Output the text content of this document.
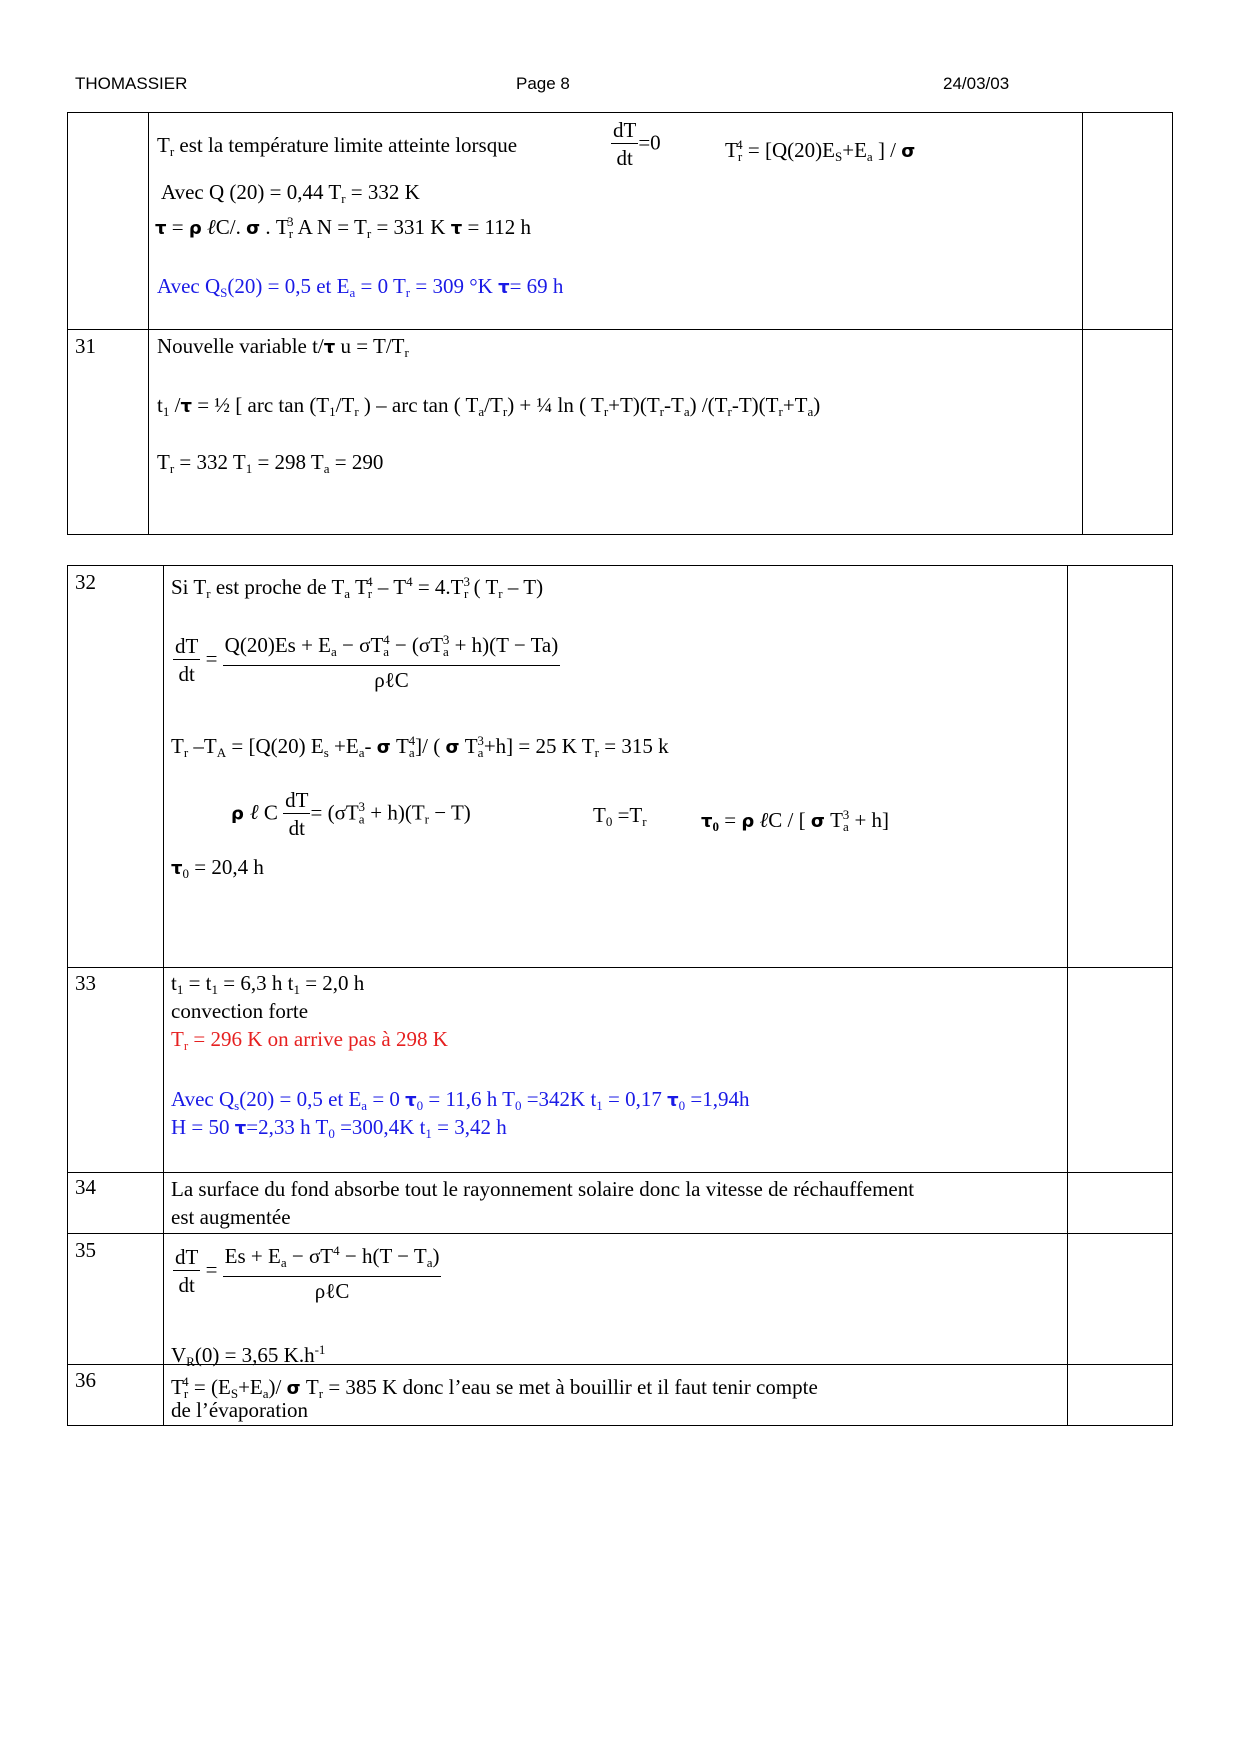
THOMASSIER	Page 8	24/03/03
$T_r$ est la température limite atteinte lorsque	$\frac{dT}{dt} =0$	$T_r^4 = [Q(20)E_S+E_a$ ] / σ
Avec Q (20) = 0,44 $T_r = 332$ K
τ = ρ ℓC/. σ . $T_r^3$ A $N = T_r = 331$ K τ = 112 h
Avec $Q_S(20) = 0,5$ et $E_a = 0$ $T_r = 309$ °K τ= 69 h
31	Nouvelle variable t/τ $u = T/T_r$
$t_1$ /τ = ½ [ arc $\tan (T_1/T_r$ ) – arc tan ( $T_a/T_r$) + ¼ ln ( $T_r+T)(T_r-T_a)$ $/(T_r-T)(T_r+T_a)$
$T_r = 332$ $T_1 = 298$ $T_a = 290$
32	Si $T_r$ est proche de $T_a$ $T_r^4 - T^4 = 4.T^3_r$ ( $T_r - T$)
$\frac{dT}{dt} = \frac{Q(20)Es + E_a - \sigma T_a^4 - (\sigma T_a^3 + h)(T - Ta)}{\text{ρℓC}}$
$T_r$ $-T_A = [Q(20)$ $E_s +E_a-$ σ $T_a^4]/$ ( σ $T_a^3+h] = 25$ K $T_r = 315$ k
ρ ℓ C $\frac{dT}{dt} = (\sigma T_a^3 + h)(T_r - T)$	$T_0 =T_r$	$\tau_0 = \rho$ ℓC / [ σ $T_a^3 + h$]
$\tau_0 = 20,4$ h
33	$t_1 = t_1 = 6,3$ h $t_1 = 2,0$ h
convection forte
$T_r = 296$ K on arrive pas à 298 K
Avec $Q_s(20) = 0,5$ et $E_a = 0$ $\tau_0 = 11,6$ h $T_0 =342K$ $t_1 = 0,17$ $\tau_0 =1,94h$
H = 50 τ=2,33 h $T_0 =300,4K$ $t_1 = 3,42$ h
34	La surface du fond absorbe tout le rayonnement solaire donc la vitesse de réchauffement
est augmentée
35	$\frac{dT}{dt} = \frac{Es + E_a - \sigma T^4 - h(T - T_a)}{\text{ρℓC}}$
$V_R(0) = 3,65$ $K.h^{-1}$
36	$T_r^4 = (E_S+E_a)/$ σ $T_r = 385$ K donc l’eau se met à bouillir et il faut tenir compte
de l’évaporation
